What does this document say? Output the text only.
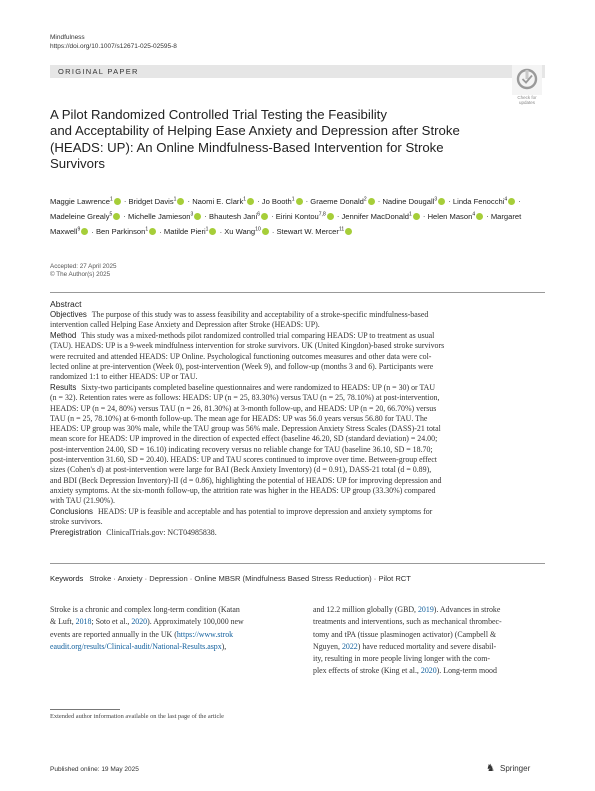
Mindfulness
https://doi.org/10.1007/s12671-025-02595-8
ORIGINAL PAPER
Check for
updates
A Pilot Randomized Controlled Trial Testing the Feasibility
and Acceptability of Helping Ease Anxiety and Depression after Stroke
(HEADS: UP): An Online Mindfulness-Based Intervention for Stroke
Survivors
Maggie Lawrence$^1$ · Bridget Davis$^1$ · Naomi E. Clark$^1$ · Jo Booth$^1$ · Graeme Donald$^2$ · Nadine Dougall$^3$ · Linda Fenocchi$^4$ · Madeleine Grealy$^5$ · Michelle Jamieson$^3$ · Bhautesh Jani$^6$ · Eirini Kontou$^{7,8}$ · Jennifer MacDonald$^1$ · Helen Mason$^4$ · Margaret Maxwell$^9$ · Ben Parkinson$^1$ · Matilde Pieri$^1$ · Xu Wang$^{10}$ · Stewart W. Mercer$^{11}$
Accepted: 27 April 2025
© The Author(s) 2025
Abstract
Objectives The purpose of this study was to assess feasibility and acceptability of a stroke-specific mindfulness-based
intervention called Helping Ease Anxiety and Depression after Stroke (HEADS: UP).
Method This study was a mixed-methods pilot randomized controlled trial comparing HEADS: UP to treatment as usual
(TAU). HEADS: UP is a 9-week mindfulness intervention for stroke survivors. UK (United Kingdon)-based stroke survivors
were recruited and attended HEADS: UP Online. Psychological functioning outcomes measures and other data were col-
lected online at pre-intervention (Week 0), post-intervention (Week 9), and follow-up (months 3 and 6). Participants were
randomized 1:1 to either HEADS: UP or TAU.
Results Sixty-two participants completed baseline questionnaires and were randomized to HEADS: UP (n = 30) or TAU
(n = 32). Retention rates were as follows: HEADS: UP (n = 25, 83.30%) versus TAU (n = 25, 78.10%) at post-intervention,
HEADS: UP (n = 24, 80%) versus TAU (n = 26, 81.30%) at 3-month follow-up, and HEADS: UP (n = 20, 66.70%) versus
TAU (n = 25, 78.10%) at 6-month follow-up. The mean age for HEADS: UP was 56.0 years versus 56.80 for TAU. The
HEADS: UP group was 30% male, while the TAU group was 56% male. Depression Anxiety Stress Scales (DASS)-21 total
mean score for HEADS: UP improved in the direction of expected effect (baseline 46.20, SD (standard deviation) = 24.00;
post-intervention 24.00, SD = 16.10) indicating recovery versus no reliable change for TAU (baseline 36.10, SD = 18.70;
post-intervention 31.60, SD = 20.40). HEADS: UP and TAU scores continued to improve over time. Between-group effect
sizes (Cohen's d) at post-intervention were large for BAI (Beck Anxiety Inventory) (d = 0.91), DASS-21 total (d = 0.89),
and BDI (Beck Depression Inventory)-II (d = 0.86), highlighting the potential of HEADS: UP for improving depression and
anxiety symptoms. At the six-month follow-up, the attrition rate was higher in the HEADS: UP group (33.30%) compared
with TAU (21.90%).
Conclusions HEADS: UP is feasible and acceptable and has potential to improve depression and anxiety symptoms for
stroke survivors.
Preregistration ClinicalTrials.gov: NCT04985838.
Keywords Stroke · Anxiety · Depression · Online MBSR (Mindfulness Based Stress Reduction) · Pilot RCT
Stroke is a chronic and complex long-term condition (Katan
& Luft, 2018; Soto et al., 2020). Approximately 100,000 new
events are reported annually in the UK (https://www.strok
eaudit.org/results/Clinical-audit/National-Results.aspx),
and 12.2 million globally (GBD, 2019). Advances in stroke
treatments and interventions, such as mechanical thrombec-
tomy and tPA (tissue plasminogen activator) (Campbell &
Nguyen, 2022) have reduced mortality and severe disabil-
ity, resulting in more people living longer with the com-
plex effects of stroke (King et al., 2020). Long-term mood
Extended author information available on the last page of the article
Published online: 19 May 2025	♞ Springer
